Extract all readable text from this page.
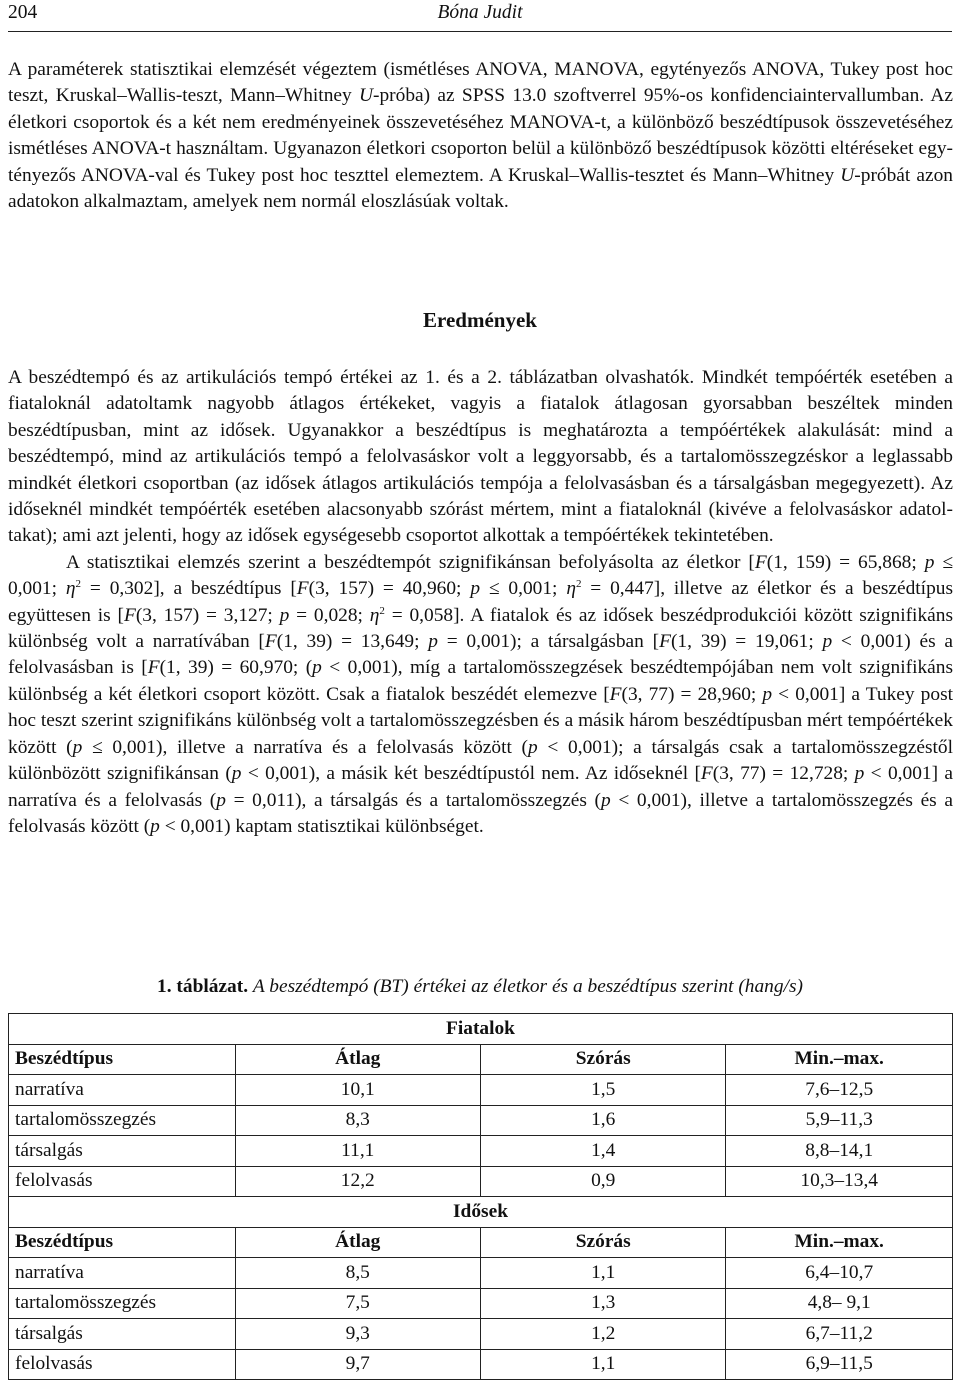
204	Bóna Judit

A paraméterek statisztikai elemzését végeztem (ismétléses ANOVA, MANOVA, egytényezős ANOVA, Tukey post hoc teszt, Kruskal–Wallis-teszt, Mann–Whitney U-próba) az SPSS 13.0 szoftverrel 95%-os konfidenciaintervallumban. Az életkori csoportok és a két nem eredményeinek összevetéséhez MANOVA-t, a különböző beszédtípusok összevetéséhez ismétléses ANOVA-t használtam. Ugyanazon életkori csoporton belül a különböző beszédtípusok közötti eltéréseket egytényezős ANOVA-val és Tukey post hoc teszttel elemeztem. A Kruskal–Wallis-tesztet és Mann–Whitney U-próbát azon adatokon alkalmaztam, amelyek nem normál eloszlásúak voltak.

Eredmények

A beszédtempó és az artikulációs tempó értékei az 1. és a 2. táblázatban olvashatók. Mindkét tempóérték esetében a fiataloknál adatoltamk nagyobb átlagos értékeket, vagyis a fiatalok átlagosan gyorsabban beszéltek minden beszédtípusban, mint az idősek. Ugyanakkor a beszédtípus is meghatározta a tempóértékek alakulását: mind a beszédtempó, mind az artikulációs tempó a felolvasáskor volt a leggyorsabb, és a tartalomösszegzéskor a leglassabb mindkét életkori csoportban (az idősek átlagos artikulációs tempója a felolvasásban és a társalgásban megegyezett). Az időseknél mindkét tempóérték esetében alacsonyabb szórást mértem, mint a fiataloknál (kivéve a felolvasáskor adatoltakat); ami azt jelenti, hogy az idősek egységesebb csoportot alkottak a tempóértékek tekintetében.

A statisztikai elemzés szerint a beszédtempót szignifikánsan befolyásolta az életkor [F(1, 159) = 65,868; p ≤ 0,001; $\eta^2 = 0,302$], a beszédtípus [F(3, 157) = 40,960; p ≤ 0,001; $\eta^2 = 0,447$], illetve az életkor és a beszédtípus együttesen is [F(3, 157) = 3,127; p = 0,028; $\eta^2 = 0,058$]. A fiatalok és az idősek beszédprodukciói között szignifikáns különbség volt a narratívában [F(1, 39) = 13,649; p = 0,001); a társalgásban [F(1, 39) = 19,061; p < 0,001) és a felolvasásban is [F(1, 39) = 60,970; (p < 0,001), míg a tartalomösszegzések beszédtempójában nem volt szignifikáns különbség a két életkori csoport között. Csak a fiatalok beszédét elemezve [F(3, 77) = 28,960; p < 0,001] a Tukey post hoc teszt szerint szignifikáns különbség volt a tartalomösszegzésben és a másik három beszédtípusban mért tempóértékek között (p ≤ 0,001), illetve a narratíva és a felolvasás között (p < 0,001); a társalgás csak a tartalomösszegzéstől különbözött szignifikánsan (p < 0,001), a másik két beszédtípustól nem. Az időseknél [F(3, 77) = 12,728; p < 0,001] a narratíva és a felolvasás (p = 0,011), a társalgás és a tartalomösszegzés (p < 0,001), illetve a tartalomösszegzés és a felolvasás között (p < 0,001) kaptam statisztikai különbséget.

1. táblázat. A beszédtempó (BT) értékei az életkor és a beszédtípus szerint (hang/s)
Fiatalok			
Beszédtípus	Átlag	Szórás	Min.–max.
narratíva	10,1	1,5	7,6–12,5
tartalomösszegzés	8,3	1,6	5,9–11,3
társalgás	11,1	1,4	8,8–14,1
felolvasás	12,2	0,9	10,3–13,4
Idősek			
Beszédtípus	Átlag	Szórás	Min.–max.
narratíva	8,5	1,1	6,4–10,7
tartalomösszegzés	7,5	1,3	4,8– 9,1
társalgás	9,3	1,2	6,7–11,2
felolvasás	9,7	1,1	6,9–11,5
